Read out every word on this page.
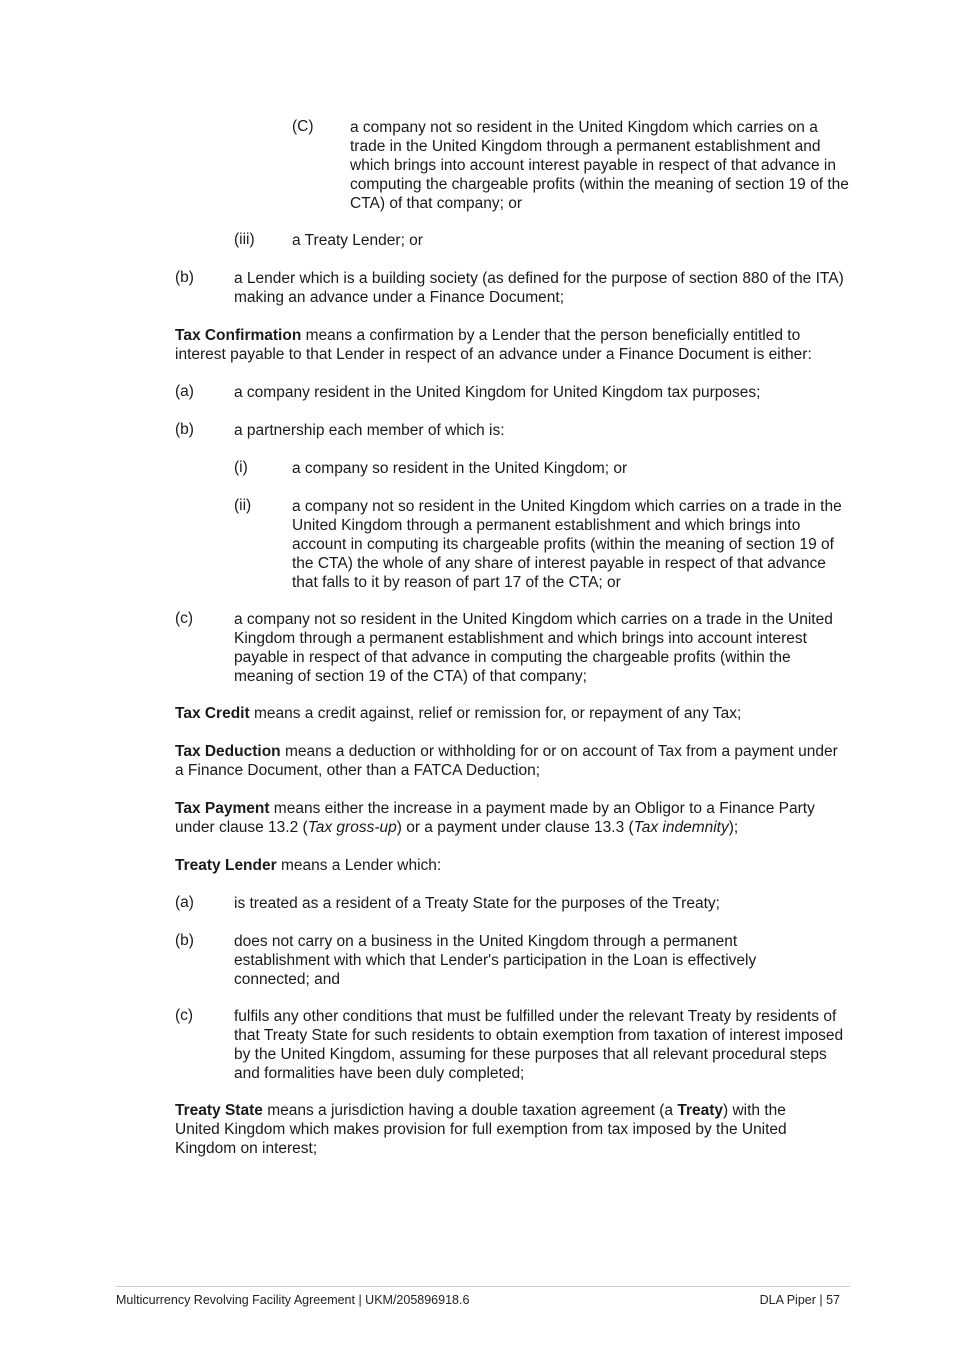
(C) a company not so resident in the United Kingdom which carries on a trade in the United Kingdom through a permanent establishment and which brings into account interest payable in respect of that advance in computing the chargeable profits (within the meaning of section 19 of the CTA) of that company; or
(iii) a Treaty Lender; or
(b)	a Lender which is a building society (as defined for the purpose of section 880 of the ITA) making an advance under a Finance Document;
Tax Confirmation means a confirmation by a Lender that the person beneficially entitled to interest payable to that Lender in respect of an advance under a Finance Document is either:
(a)	a company resident in the United Kingdom for United Kingdom tax purposes;
(b)	a partnership each member of which is:
(i)	a company so resident in the United Kingdom; or
(ii)	a company not so resident in the United Kingdom which carries on a trade in the United Kingdom through a permanent establishment and which brings into account in computing its chargeable profits (within the meaning of section 19 of the CTA) the whole of any share of interest payable in respect of that advance that falls to it by reason of part 17 of the CTA; or
(c)	a company not so resident in the United Kingdom which carries on a trade in the United Kingdom through a permanent establishment and which brings into account interest payable in respect of that advance in computing the chargeable profits (within the meaning of section 19 of the CTA) of that company;
Tax Credit means a credit against, relief or remission for, or repayment of any Tax;
Tax Deduction means a deduction or withholding for or on account of Tax from a payment under a Finance Document, other than a FATCA Deduction;
Tax Payment means either the increase in a payment made by an Obligor to a Finance Party under clause 13.2 (Tax gross-up) or a payment under clause 13.3 (Tax indemnity);
Treaty Lender means a Lender which:
(a)	is treated as a resident of a Treaty State for the purposes of the Treaty;
(b)	does not carry on a business in the United Kingdom through a permanent establishment with which that Lender's participation in the Loan is effectively connected; and
(c)	fulfils any other conditions that must be fulfilled under the relevant Treaty by residents of that Treaty State for such residents to obtain exemption from taxation of interest imposed by the United Kingdom, assuming for these purposes that all relevant procedural steps and formalities have been duly completed;
Treaty State means a jurisdiction having a double taxation agreement (a Treaty) with the United Kingdom which makes provision for full exemption from tax imposed by the United Kingdom on interest;
Multicurrency Revolving Facility Agreement | UKM/205896918.6	DLA Piper | 57
